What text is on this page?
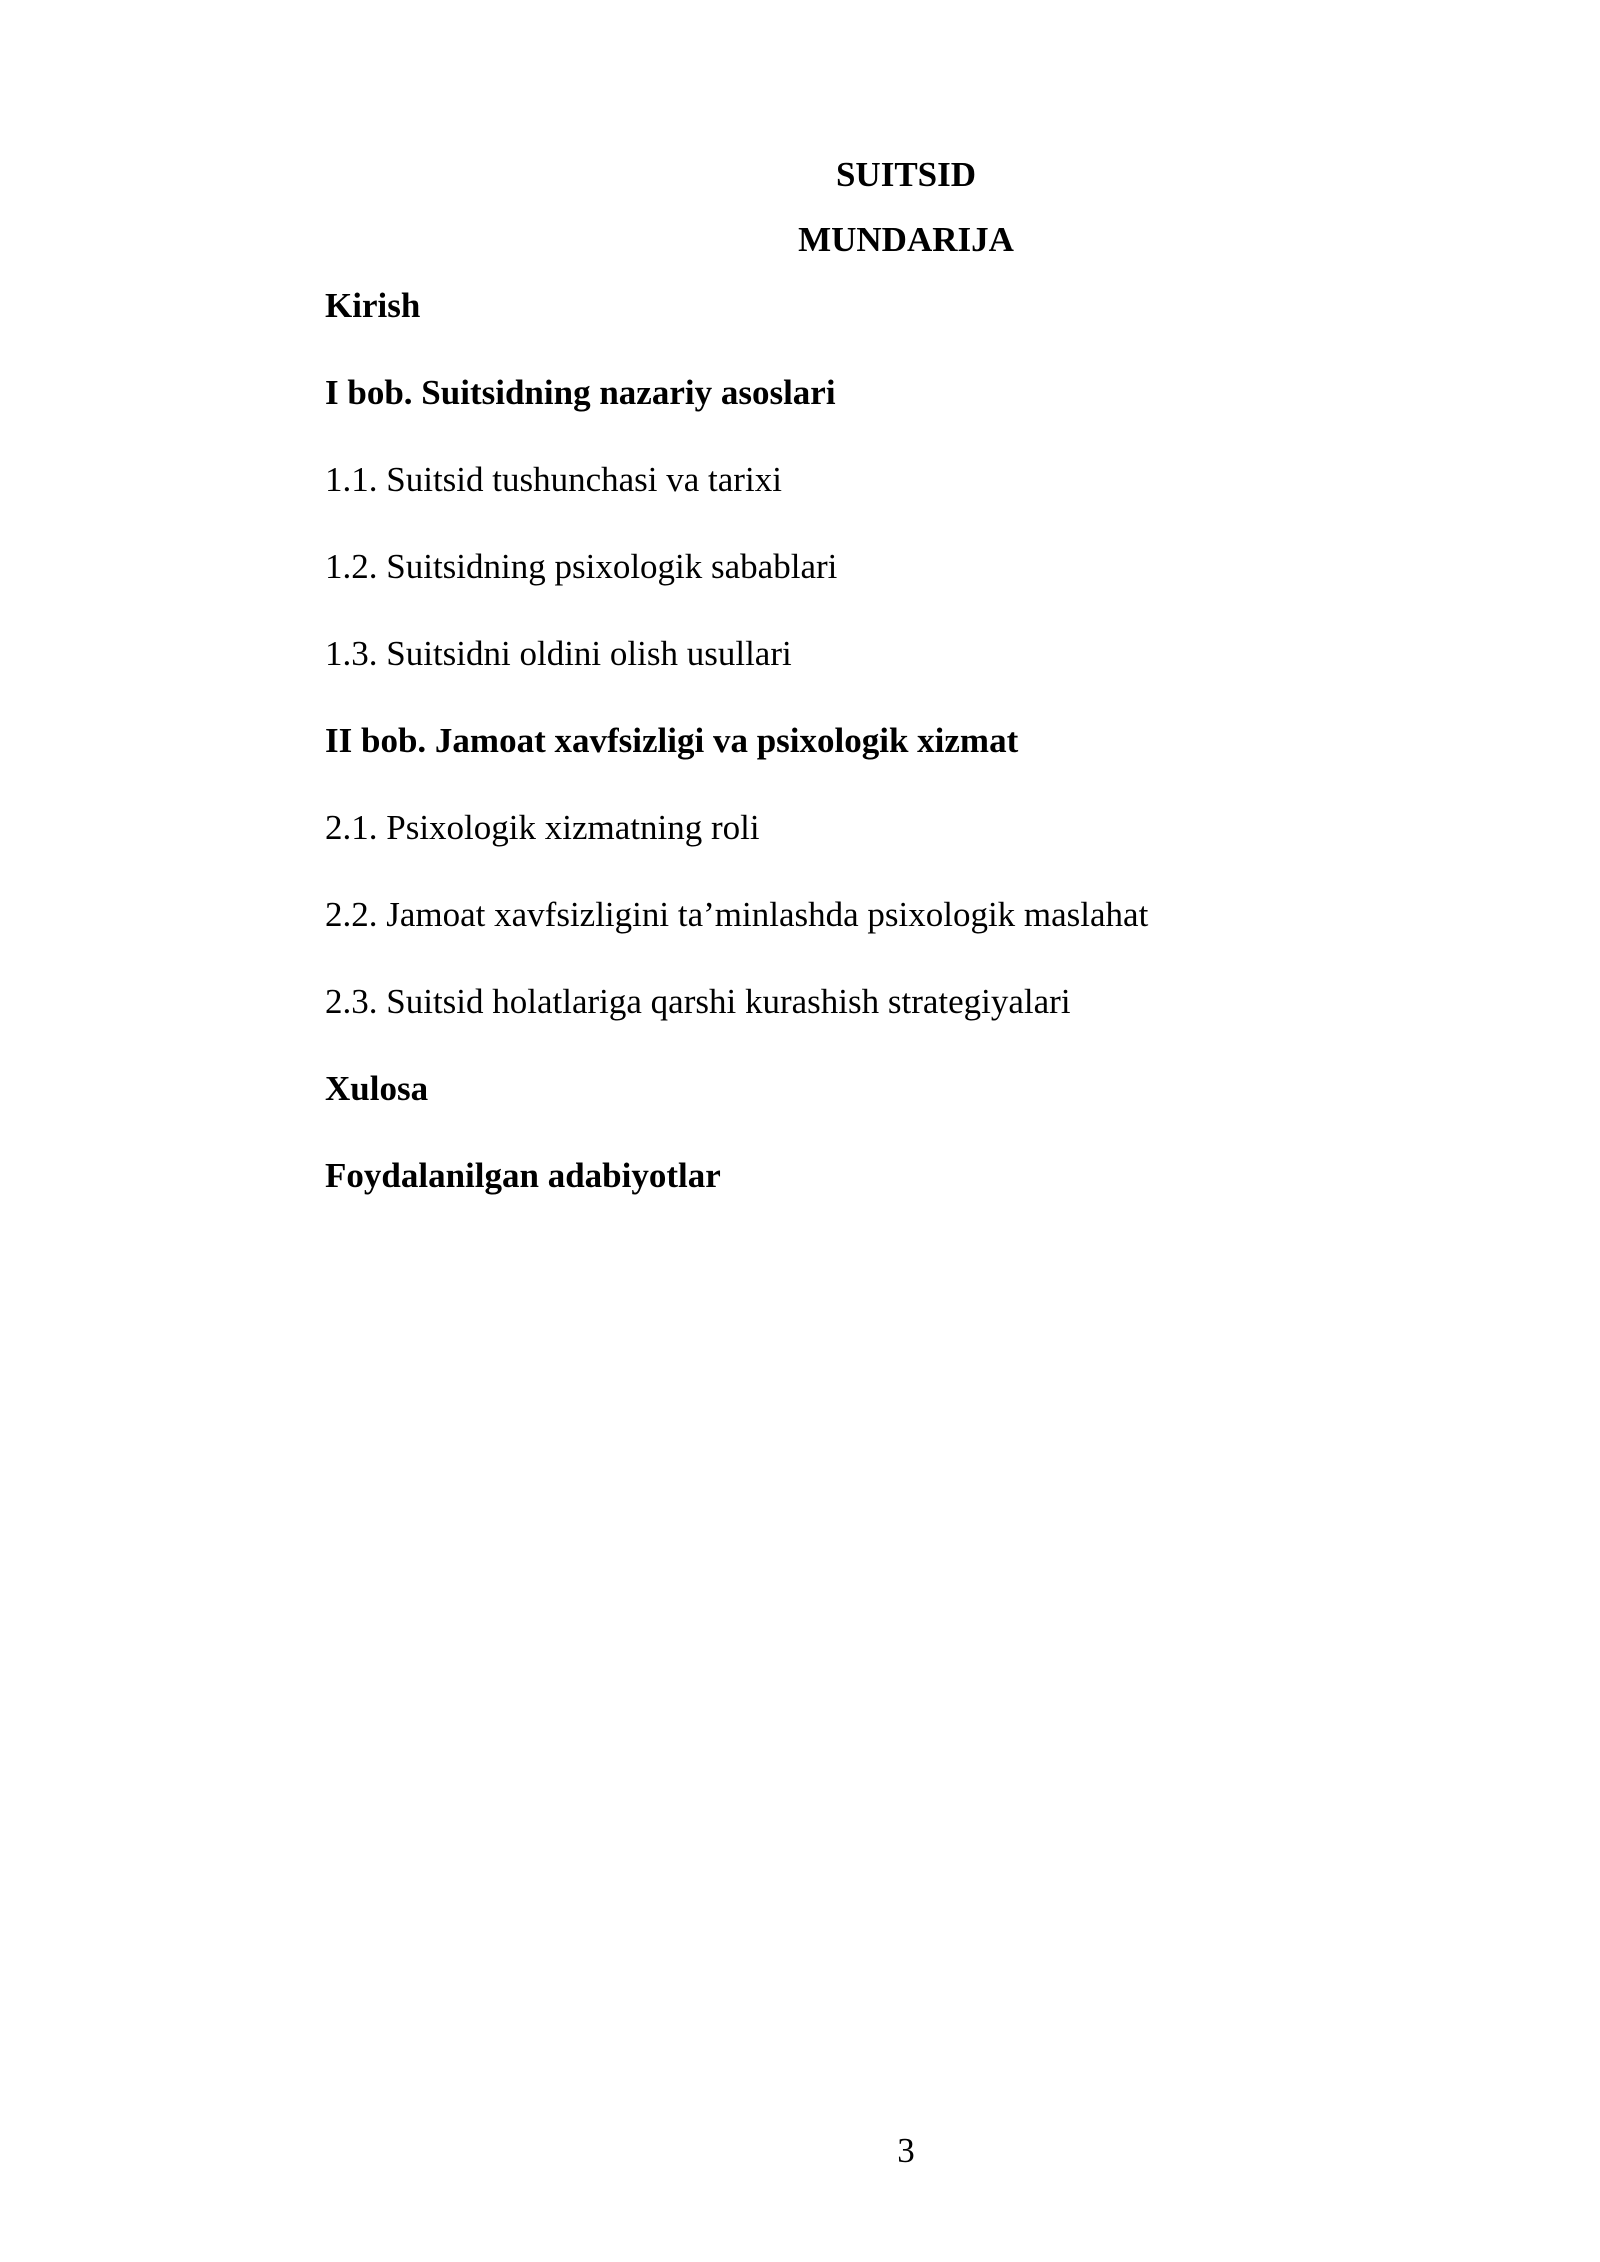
SUITSID
MUNDARIJA
Kirish
I bob. Suitsidning nazariy asoslari
1.1. Suitsid tushunchasi va tarixi
1.2. Suitsidning psixologik sabablari
1.3. Suitsidni oldini olish usullari
II bob. Jamoat xavfsizligi va psixologik xizmat
2.1. Psixologik xizmatning roli
2.2. Jamoat xavfsizligini ta’minlashda psixologik maslahat
2.3. Suitsid holatlariga qarshi kurashish strategiyalari
Xulosa
Foydalanilgan adabiyotlar
3
